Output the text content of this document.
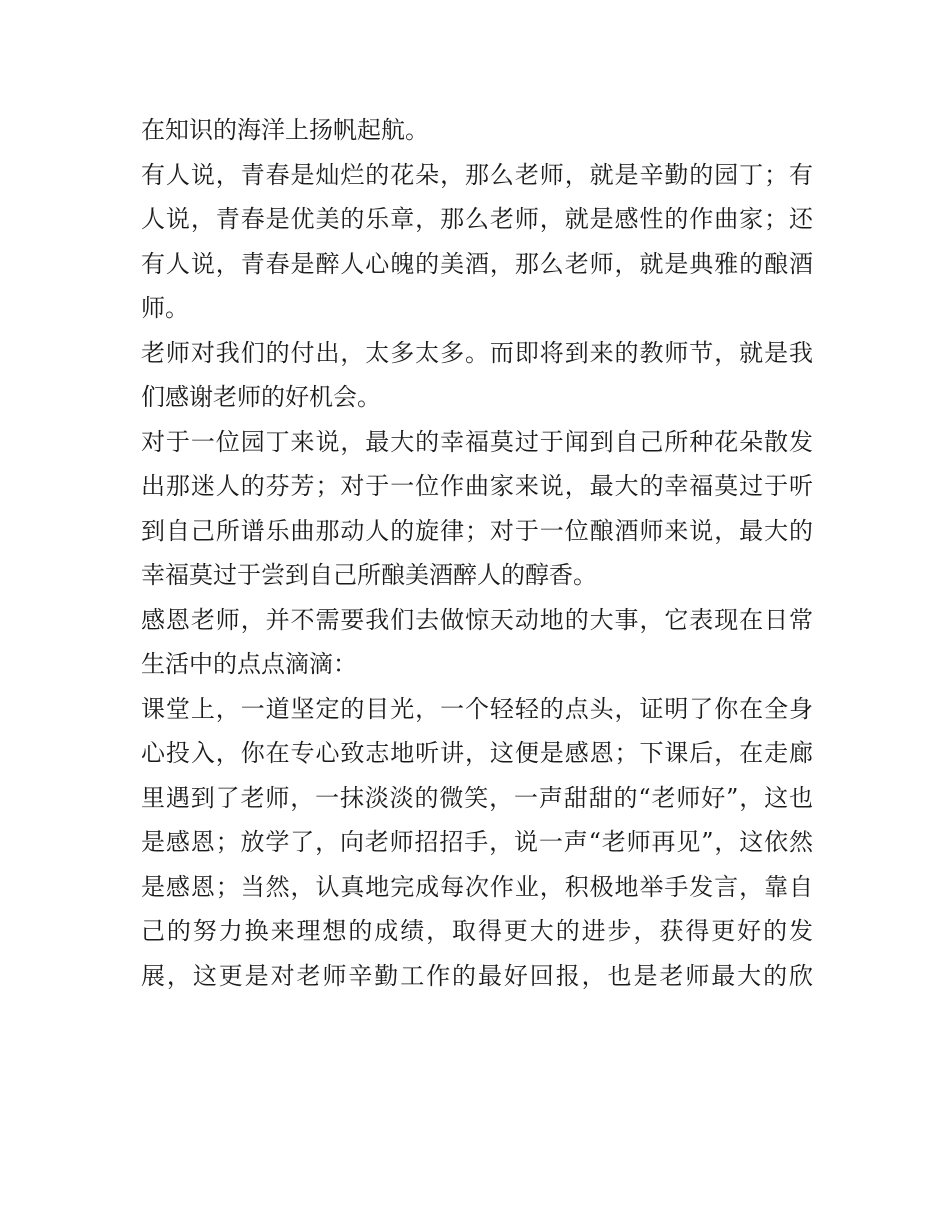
在知识的海洋上扬帆起航。
有人说，青春是灿烂的花朵，那么老师，就是辛勤的园丁；有
人说，青春是优美的乐章，那么老师，就是感性的作曲家；还
有人说，青春是醉人心魄的美酒，那么老师，就是典雅的酿酒
师。
老师对我们的付出，太多太多。而即将到来的教师节，就是我
们感谢老师的好机会。
对于一位园丁来说，最大的幸福莫过于闻到自己所种花朵散发
出那迷人的芬芳；对于一位作曲家来说，最大的幸福莫过于听
到自己所谱乐曲那动人的旋律；对于一位酿酒师来说，最大的
幸福莫过于尝到自己所酿美酒醉人的醇香。
感恩老师，并不需要我们去做惊天动地的大事，它表现在日常
生活中的点点滴滴：
课堂上，一道坚定的目光，一个轻轻的点头，证明了你在全身
心投入，你在专心致志地听讲，这便是感恩；下课后，在走廊
里遇到了老师，一抹淡淡的微笑，一声甜甜的“老师好”，这也
是感恩；放学了，向老师招招手，说一声“老师再见”，这依然
是感恩；当然，认真地完成每次作业，积极地举手发言，靠自
己的努力换来理想的成绩，取得更大的进步，获得更好的发
展，这更是对老师辛勤工作的最好回报，也是老师最大的欣
